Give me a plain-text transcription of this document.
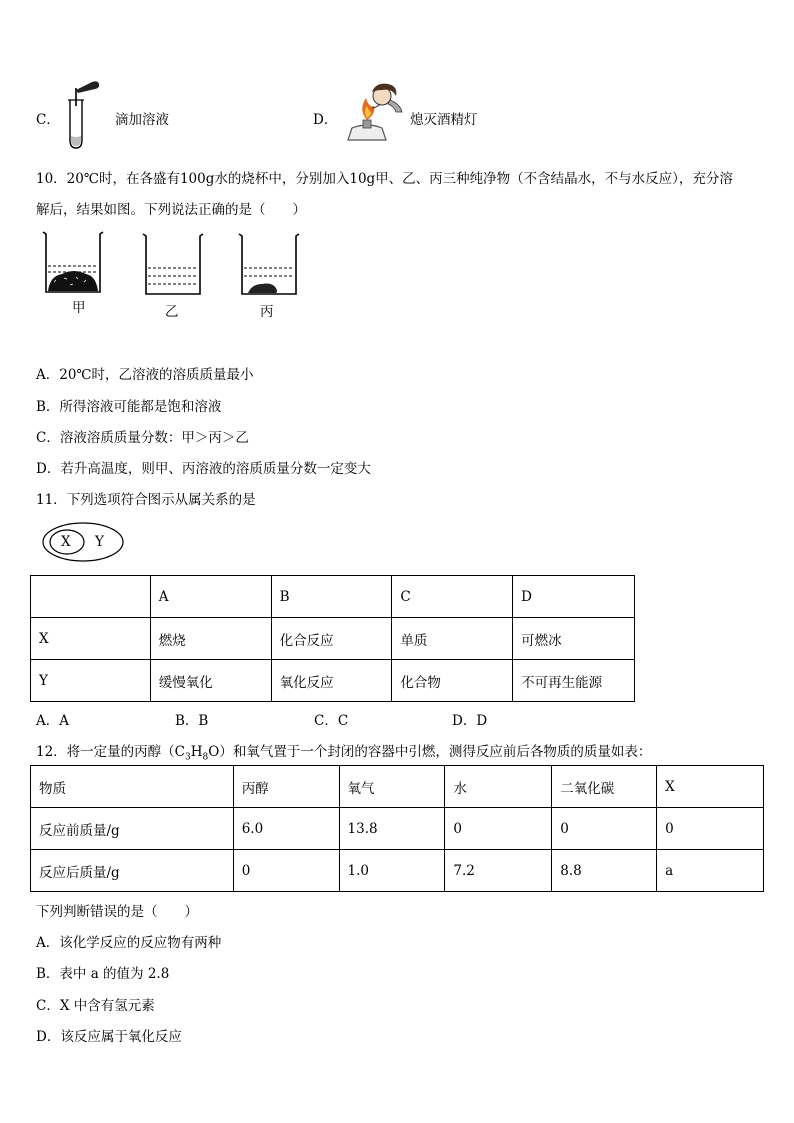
C．	滴加溶液	D．	熄灭酒精灯
10．20℃时，在各盛有100g水的烧杯中，分别加入10g甲、乙、丙三种纯净物（不含结晶水，不与水反应），充分溶
解后，结果如图。下列说法正确的是（　　）
甲	乙	丙
A．20℃时，乙溶液的溶质质量最小
B．所得溶液可能都是饱和溶液
C．溶液溶质质量分数：甲＞丙＞乙
D．若升高温度，则甲、丙溶液的溶质质量分数一定变大
11．下列选项符合图示从属关系的是
X Y
	A	B	C	D
X	燃烧	化合反应	单质	可燃冰
Y	缓慢氧化	氧化反应	化合物	不可再生能源
A．A	B．B	C．C	D．D
12．将一定量的丙醇$(C_3H_8O)$和氧气置于一个封闭的容器中引燃，测得反应前后各物质的质量如表：
物质	丙醇	氧气	水	二氧化碳	X
反应前质量/g	6.0	13.8	0	0	0
反应后质量/g	0	1.0	7.2	8.8	a
下列判断错误的是（　　）
A．该化学反应的反应物有两种
B．表中 a 的值为 2.8
C．X 中含有氢元素
D．该反应属于氧化反应
